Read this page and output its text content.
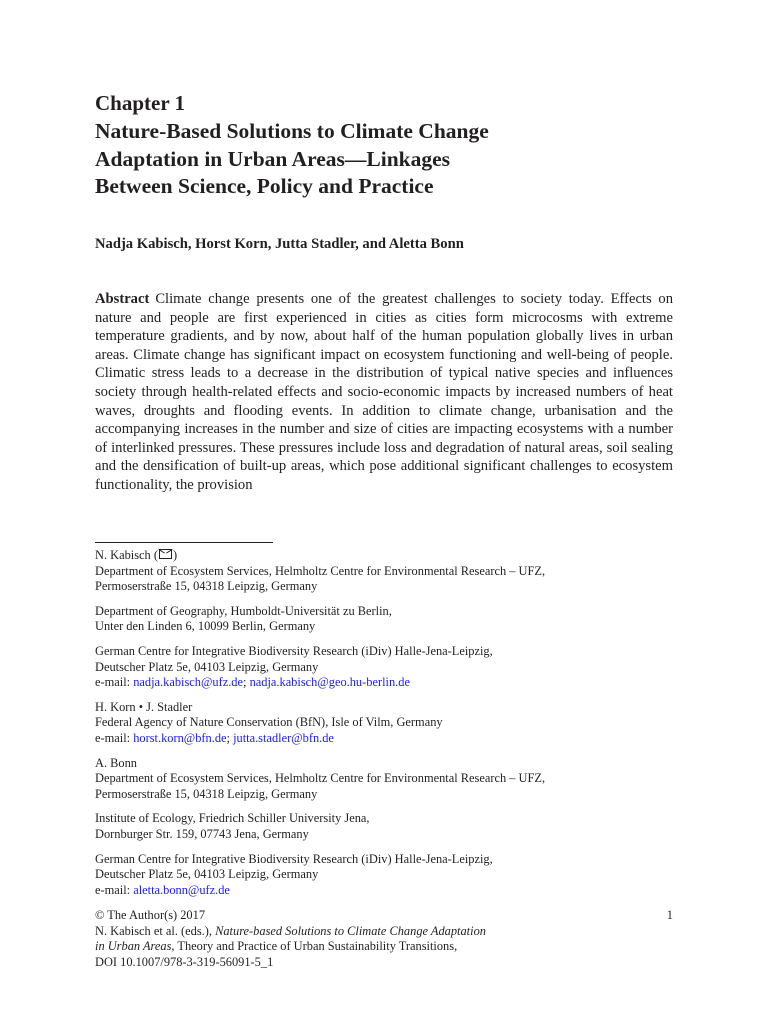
Chapter 1
Nature-Based Solutions to Climate Change
Adaptation in Urban Areas—Linkages
Between Science, Policy and Practice
Nadja Kabisch, Horst Korn, Jutta Stadler, and Aletta Bonn

Abstract Climate change presents one of the greatest challenges to society today. Effects on nature and people are first experienced in cities as cities form microcosms with extreme temperature gradients, and by now, about half of the human population globally lives in urban areas. Climate change has significant impact on ecosystem functioning and well-being of people. Climatic stress leads to a decrease in the distribution of typical native species and influences society through health-related effects and socio-economic impacts by increased numbers of heat waves, droughts and flooding events. In addition to climate change, urbanisation and the accompanying increases in the number and size of cities are impacting ecosystems with a number of interlinked pressures. These pressures include loss and degradation of natural areas, soil sealing and the densification of built-up areas, which pose additional significant challenges to ecosystem functionality, the provision

N. Kabisch ( )
Department of Ecosystem Services, Helmholtz Centre for Environmental Research – UFZ,
Permoserstraße 15, 04318 Leipzig, Germany
Department of Geography, Humboldt-Universität zu Berlin,
Unter den Linden 6, 10099 Berlin, Germany
German Centre for Integrative Biodiversity Research (iDiv) Halle-Jena-Leipzig,
Deutscher Platz 5e, 04103 Leipzig, Germany
e-mail: nadja.kabisch@ufz.de; nadja.kabisch@geo.hu-berlin.de
H. Korn • J. Stadler
Federal Agency of Nature Conservation (BfN), Isle of Vilm, Germany
e-mail: horst.korn@bfn.de; jutta.stadler@bfn.de
A. Bonn
Department of Ecosystem Services, Helmholtz Centre for Environmental Research – UFZ,
Permoserstraße 15, 04318 Leipzig, Germany
Institute of Ecology, Friedrich Schiller University Jena,
Dornburger Str. 159, 07743 Jena, Germany
German Centre for Integrative Biodiversity Research (iDiv) Halle-Jena-Leipzig,
Deutscher Platz 5e, 04103 Leipzig, Germany
e-mail: aletta.bonn@ufz.de
1
© The Author(s) 2017
N. Kabisch et al. (eds.), Nature-based Solutions to Climate Change Adaptation
in Urban Areas, Theory and Practice of Urban Sustainability Transitions,
DOI 10.1007/978-3-319-56091-5_1
